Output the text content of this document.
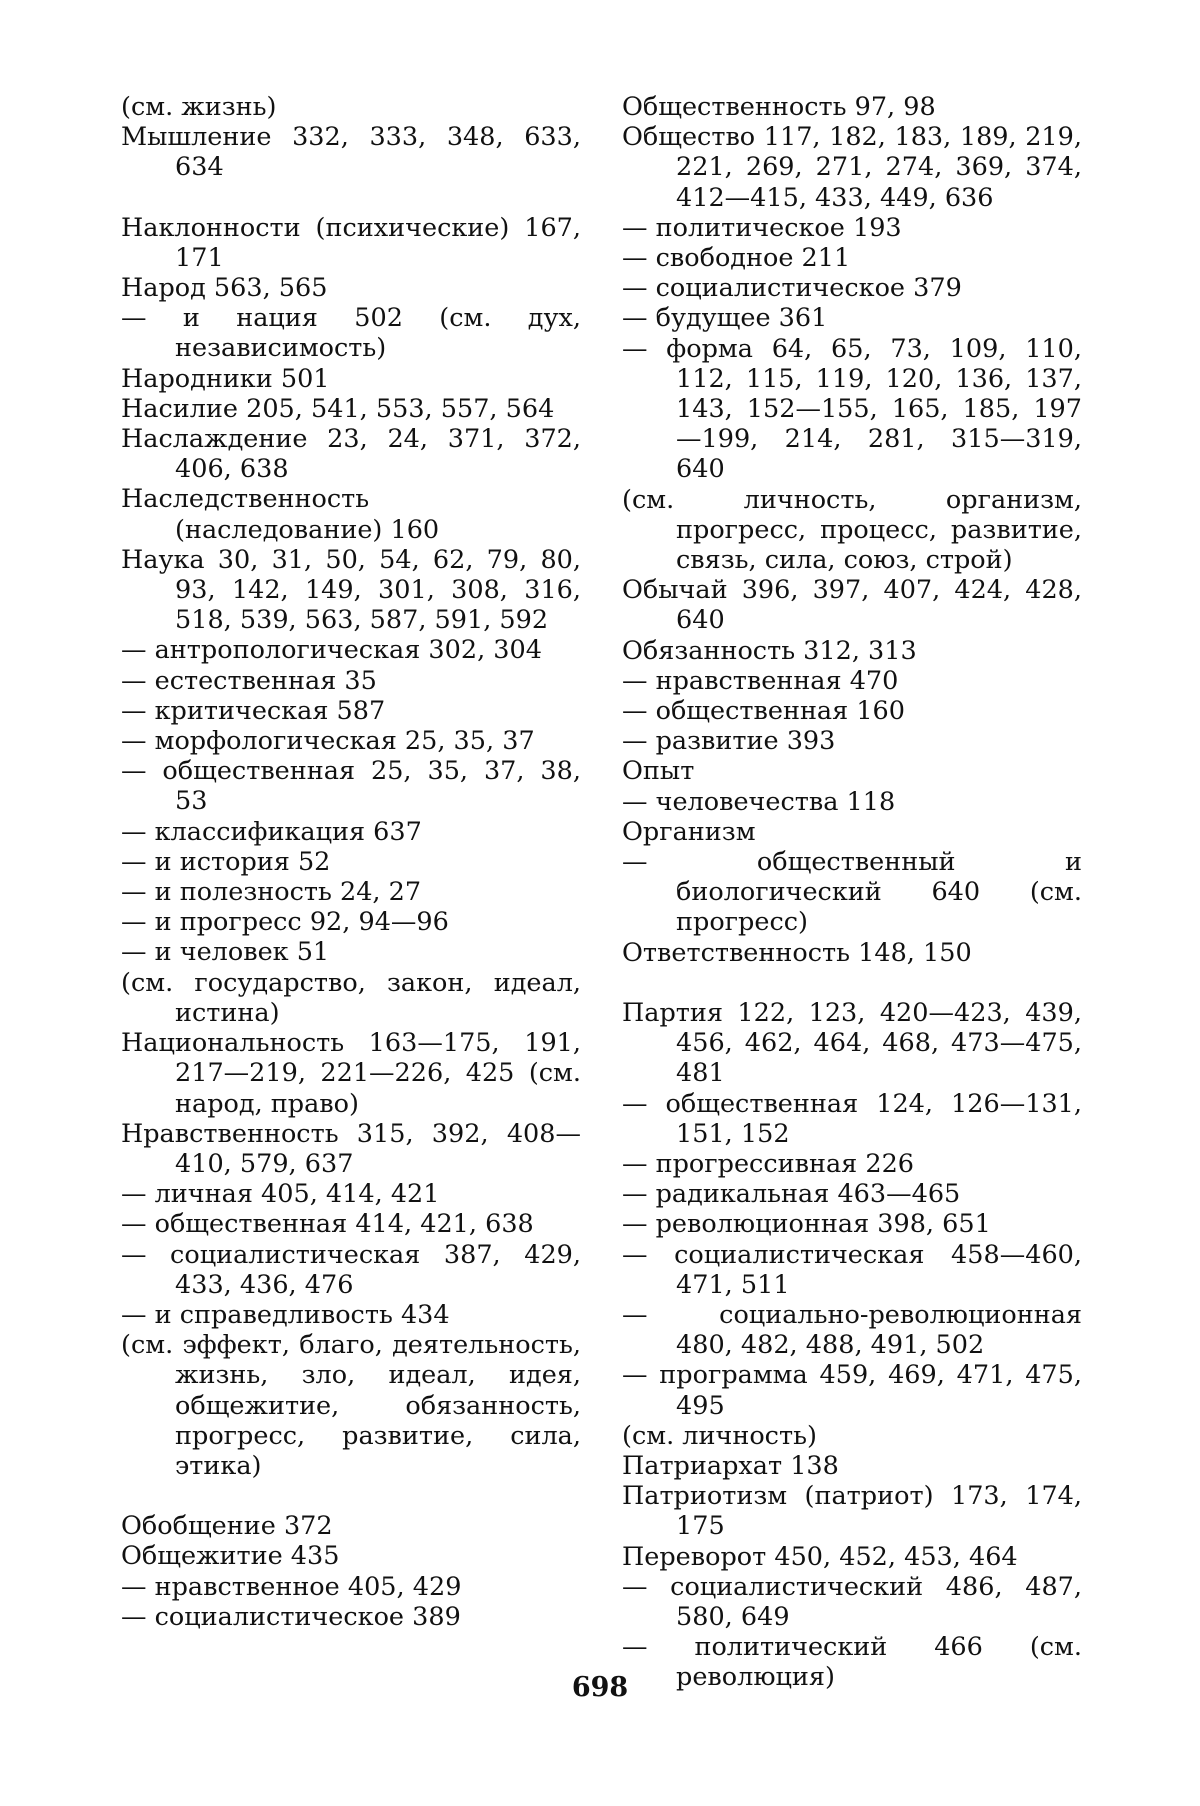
(см. жизнь)

Мышление 332, 333, 348, 633, 634

Наклонности (психические) 167, 171

Народ 563, 565

— и нация 502 (см. дух, независимость)

Народники 501

Насилие 205, 541, 553, 557, 564

Наслаждение 23, 24, 371, 372, 406, 638

Наследственность (наследование) 160

Наука 30, 31, 50, 54, 62, 79, 80, 93, 142, 149, 301, 308, 316, 518, 539, 563, 587, 591, 592

— антропологическая 302, 304

— естественная 35

— критическая 587

— морфологическая 25, 35, 37

— общественная 25, 35, 37, 38, 53

— классификация 637

— и история 52

— и полезность 24, 27

— и прогресс 92, 94—96

— и человек 51

(см. государство, закон, идеал, истина)

Национальность 163—175, 191, 217—219, 221—226, 425 (см. народ, право)

Нравственность 315, 392, 408—410, 579, 637

— личная 405, 414, 421

— общественная 414, 421, 638

— социалистическая 387, 429, 433, 436, 476

— и справедливость 434

(см. эффект, благо, деятельность, жизнь, зло, идеал, идея, общежитие, обязанность, прогресс, развитие, сила, этика)

Обобщение 372

Общежитие 435

— нравственное 405, 429

— социалистическое 389

Общественность 97, 98

Общество 117, 182, 183, 189, 219, 221, 269, 271, 274, 369, 374, 412—415, 433, 449, 636

— политическое 193

— свободное 211

— социалистическое 379

— будущее 361

— форма 64, 65, 73, 109, 110, 112, 115, 119, 120, 136, 137, 143, 152—155, 165, 185, 197—199, 214, 281, 315—319, 640

(см. личность, организм, прогресс, процесс, развитие, связь, сила, союз, строй)

Обычай 396, 397, 407, 424, 428, 640

Обязанность 312, 313

— нравственная 470

— общественная 160

— развитие 393

Опыт

— человечества 118

Организм

— общественный и биологический 640 (см. прогресс)

Ответственность 148, 150

Партия 122, 123, 420—423, 439, 456, 462, 464, 468, 473—475, 481

— общественная 124, 126—131, 151, 152

— прогрессивная 226

— радикальная 463—465

— революционная 398, 651

— социалистическая 458—460, 471, 511

— социально-революционная 480, 482, 488, 491, 502

— программа 459, 469, 471, 475, 495

(см. личность)

Патриархат 138

Патриотизм (патриот) 173, 174, 175

Переворот 450, 452, 453, 464

— социалистический 486, 487, 580, 649

— политический 466 (см. революция)

698
